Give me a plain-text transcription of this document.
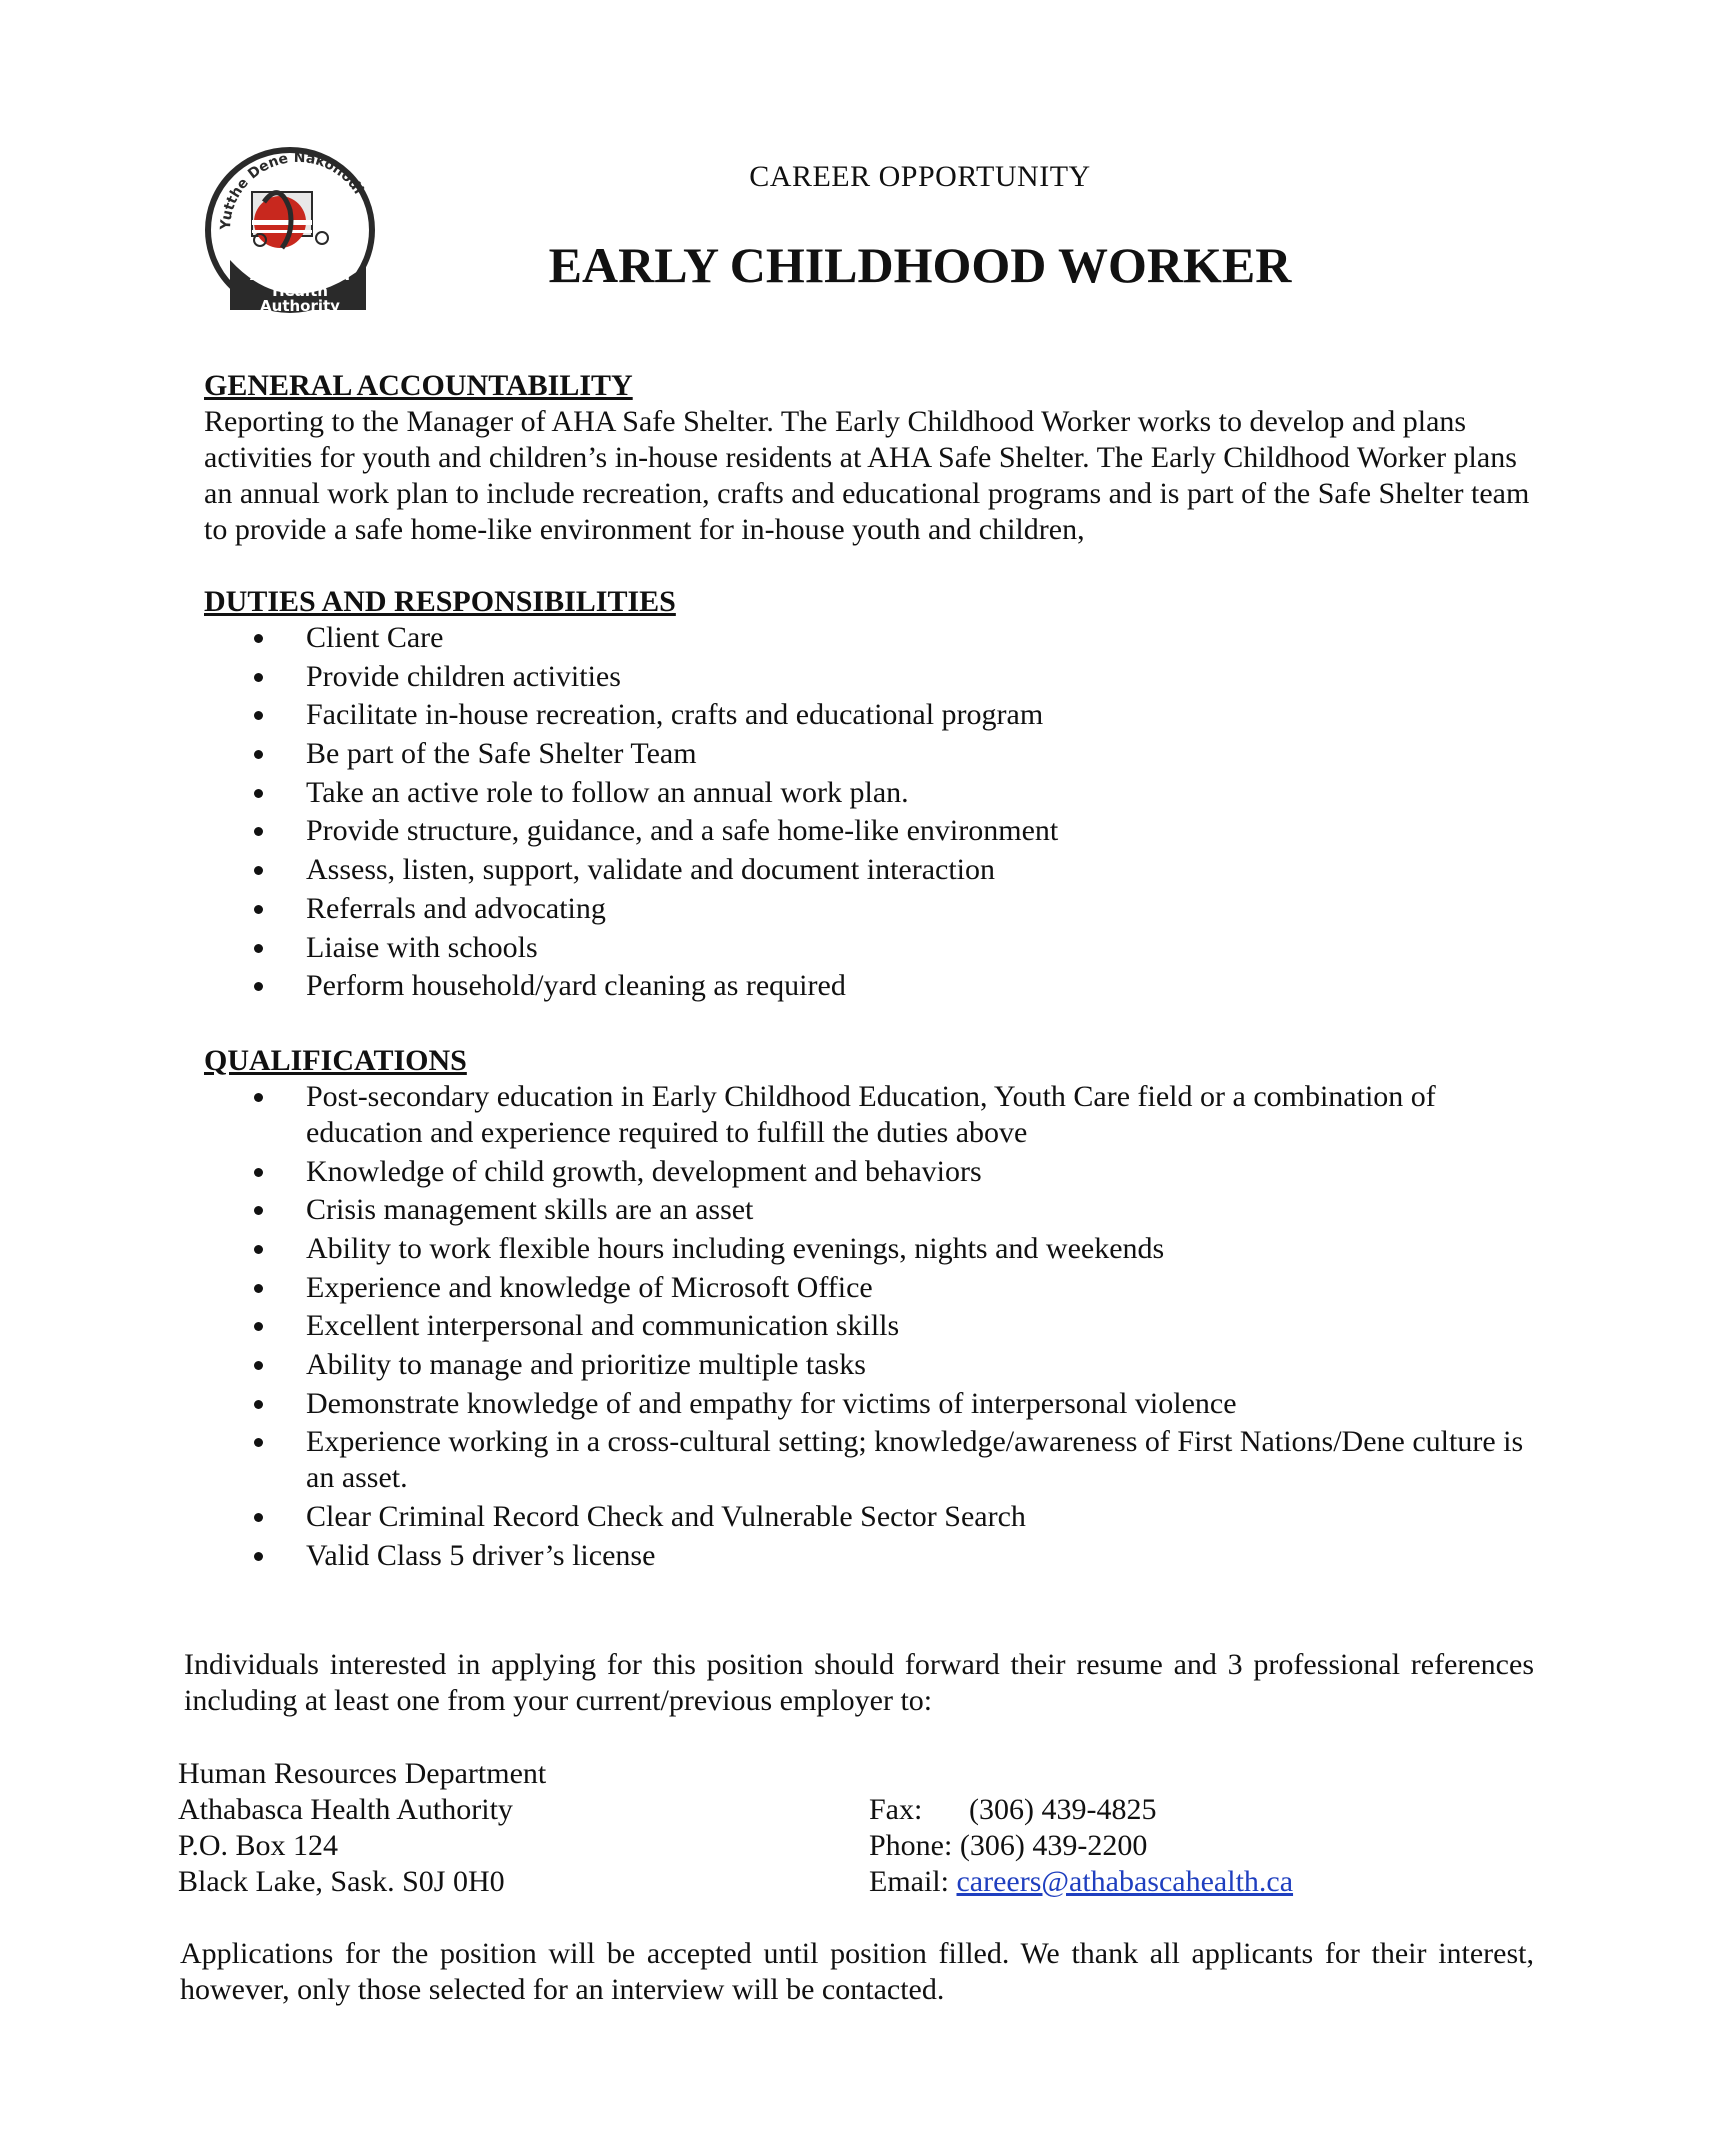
Yutthe Dene Nakohodi
Athabasca
Health
Authority
CAREER OPPORTUNITY
EARLY CHILDHOOD WORKER
GENERAL ACCOUNTABILITY

Reporting to the Manager of AHA Safe Shelter. The Early Childhood Worker works to develop and plans activities for youth and children’s in-house residents at AHA Safe Shelter. The Early Childhood Worker plans an annual work plan to include recreation, crafts and educational programs and is part of the Safe Shelter team to provide a safe home-like environment for in-house youth and children,

DUTIES AND RESPONSIBILITIES
Client Care
Provide children activities
Facilitate in-house recreation, crafts and educational program
Be part of the Safe Shelter Team
Take an active role to follow an annual work plan.
Provide structure, guidance, and a safe home-like environment
Assess, listen, support, validate and document interaction
Referrals and advocating
Liaise with schools
Perform household/yard cleaning as required
QUALIFICATIONS
Post-secondary education in Early Childhood Education, Youth Care field or a combination of education and experience required to fulfill the duties above
Knowledge of child growth, development and behaviors
Crisis management skills are an asset
Ability to work flexible hours including evenings, nights and weekends
Experience and knowledge of Microsoft Office
Excellent interpersonal and communication skills
Ability to manage and prioritize multiple tasks
Demonstrate knowledge of and empathy for victims of interpersonal violence
Experience working in a cross-cultural setting; knowledge/awareness of First Nations/Dene culture is an asset.
Clear Criminal Record Check and Vulnerable Sector Search
Valid Class 5 driver’s license
Individuals interested in applying for this position should forward their resume and 3 professional references including at least one from your current/previous employer to:
Human Resources Department
Athabasca Health Authority
P.O. Box 124
Black Lake, Sask. S0J 0H0
Fax: (306) 439-4825
Phone: (306) 439-2200
Email: careers@athabascahealth.ca
Applications for the position will be accepted until position filled. We thank all applicants for their interest, however, only those selected for an interview will be contacted.
